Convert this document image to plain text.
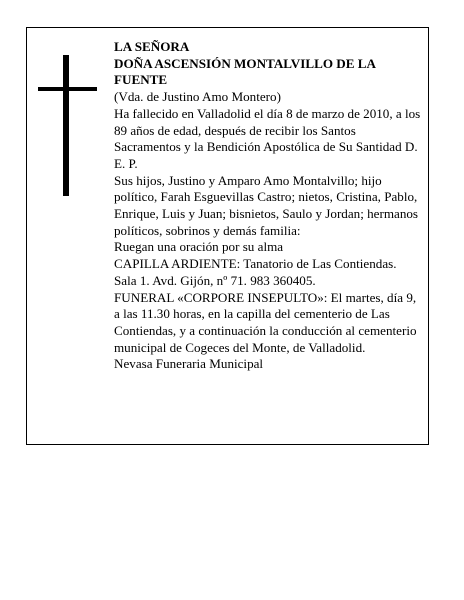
LA SEÑORA

DOÑA ASCENSIÓN MONTALVILLO DE LA FUENTE

(Vda. de Justino Amo Montero)

Ha fallecido en Valladolid el día 8 de marzo de 2010, a los 89 años de edad, después de recibir los Santos Sacramentos y la Bendición Apostólica de Su Santidad D. E. P.

Sus hijos, Justino y Amparo Amo Montalvillo; hijo político, Farah Esguevillas Castro; nietos, Cristina, Pablo, Enrique, Luis y Juan; bisnietos, Saulo y Jordan; hermanos políticos, sobrinos y demás familia:

Ruegan una oración por su alma

CAPILLA ARDIENTE: Tanatorio de Las Contiendas. Sala 1. Avd. Gijón, nº 71. 983 360405.

FUNERAL «CORPORE INSEPULTO»: El martes, día 9, a las 11.30 horas, en la capilla del cementerio de Las Contiendas, y a continuación la conducción al cementerio municipal de Cogeces del Monte, de Valladolid.

Nevasa Funeraria Municipal
